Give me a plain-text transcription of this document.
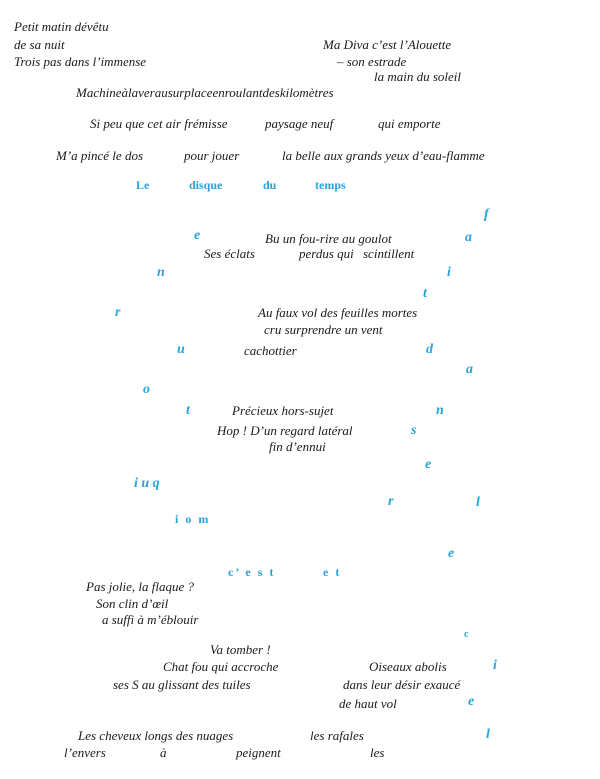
Petit matin dévêtu
de sa nuit
Trois pas dans l’immense
Ma Diva c’est l’Alouette
– son estrade
la main du soleil
Machineàlaverausurplaceenroulantdeskilomètres
Si peu que cet air frémisse	paysage neuf	qui emporte
M’a pincé le dos	pour jouer	la belle aux grands yeux d’eau-flamme
Bu un fou-rire au goulot
Ses éclats	perdus qui scintillent
Au faux vol des feuilles mortes
cru surprendre un vent
cachottier
Précieux hors-sujet
Hop ! D’un regard latéral
fin d’ennui
Pas jolie, la flaque ?
Son clin d’œil
a suffi à m’éblouir
Va tomber !
Chat fou qui accroche	Oiseaux abolis
ses S au glissant des tuiles	dans leur désir exaucé
de haut vol
Les cheveux longs des nuages	les rafales
l’envers	à	peignent	les
Le	disque	du	temps
f
e	a
n	i
t
r
u	d
a
o
t	n
s
e
i u q
r	l
i o m
e
c’ e s t	e t
c
i
e
l
